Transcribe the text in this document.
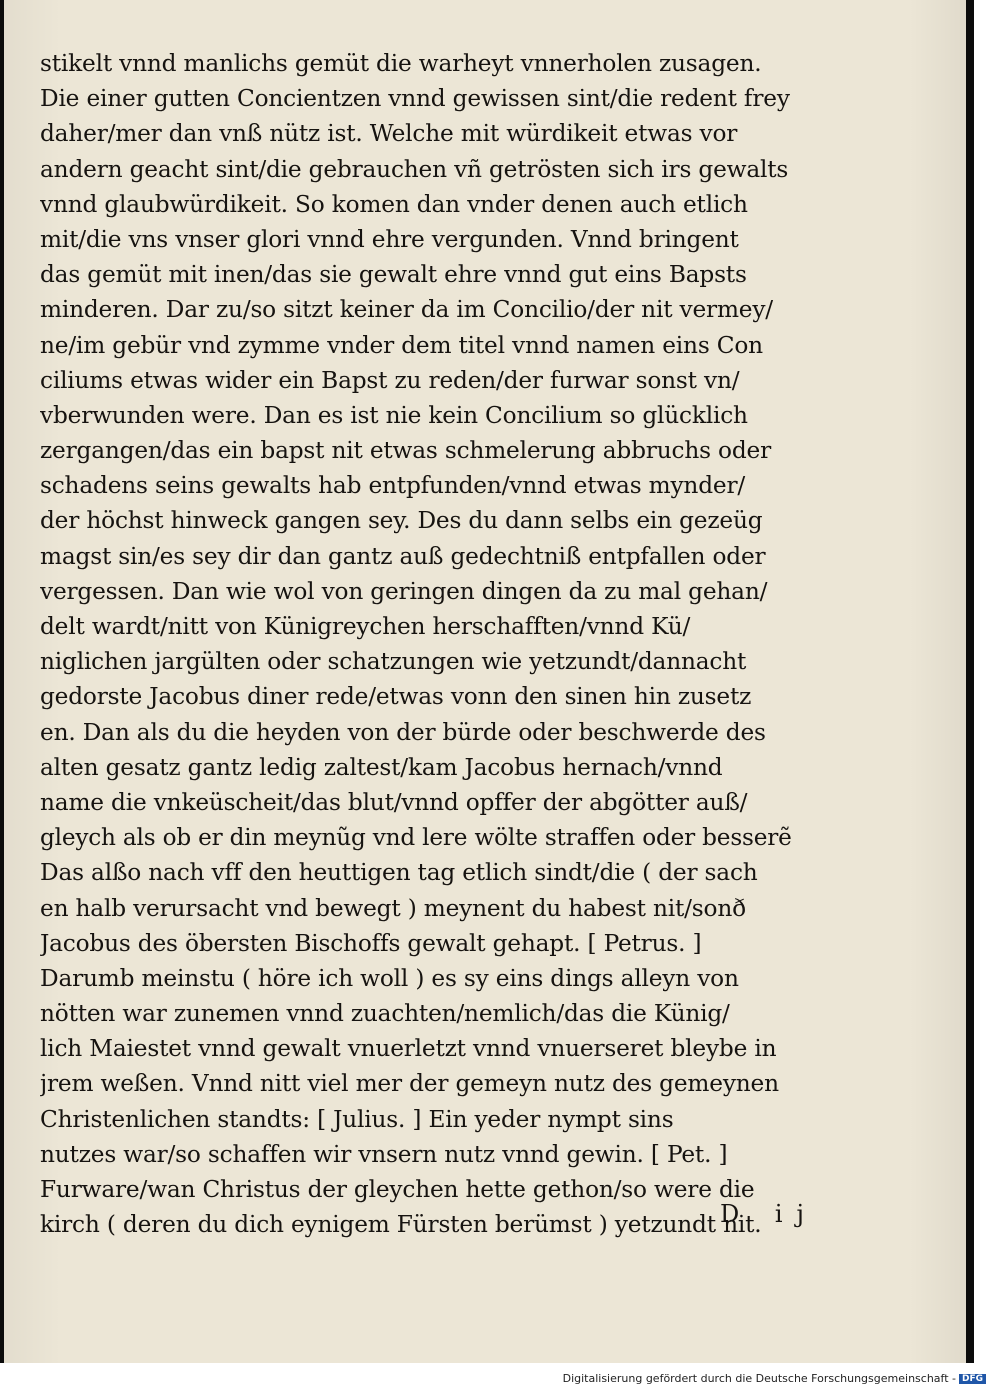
stikelt vnnd manlichs gemüt die warheyt vnnerholen zusagen.
Die einer gutten Concientzen vnnd gewissen sint/die redent frey
daher/mer dan vnß nütz ist. Welche mit würdikeit etwas vor
andern geacht sint/die gebrauchen vñ getrösten sich irs gewalts
vnnd glaubwürdikeit. So komen dan vnder denen auch etlich
mit/die vns vnser glori vnnd ehre vergunden. Vnnd bringent
das gemüt mit inen/das sie gewalt ehre vnnd gut eins Bapsts
minderen. Dar zu/so sitzt keiner da im Concilio/der nit vermey/
ne/im gebür vnd zymme vnder dem titel vnnd namen eins Con
ciliums etwas wider ein Bapst zu reden/der furwar sonst vn/
vberwunden were. Dan es ist nie kein Concilium so glücklich
zergangen/das ein bapst nit etwas schmelerung abbruchs oder
schadens seins gewalts hab entpfunden/vnnd etwas mynder/
der höchst hinweck gangen sey. Des du dann selbs ein gezeüg
magst sin/es sey dir dan gantz auß gedechtniß entpfallen oder
vergessen. Dan wie wol von geringen dingen da zu mal gehan/
delt wardt/nitt von Künigreychen herschafften/vnnd Kü/
niglichen jargülten oder schatzungen wie yetzundt/dannacht
gedorste Jacobus diner rede/etwas vonn den sinen hin zusetz
en. Dan als du die heyden von der bürde oder beschwerde des
alten gesatz gantz ledig zaltest/kam Jacobus hernach/vnnd
name die vnkeüscheit/das blut/vnnd opffer der abgötter auß/
gleych als ob er din meynũg vnd lere wölte straffen oder besserẽ
Das alßo nach vff den heuttigen tag etlich sindt/die ( der sach
en halb verursacht vnd bewegt ) meynent du habest nit/sonð
Jacobus des öbersten Bischoffs gewalt gehapt. [ Petrus. ]
Darumb meinstu ( höre ich woll ) es sy eins dings alleyn von
nötten war zunemen vnnd zuachten/nemlich/das die Künig/
lich Maiestet vnnd gewalt vnuerletzt vnnd vnuerseret bleybe in
jrem weßen. Vnnd nitt viel mer der gemeyn nutz des gemeynen
Christenlichen standts: [ Julius. ] Ein yeder nympt sins
nutzes war/so schaffen wir vnsern nutz vnnd gewin. [ Pet. ]
Furware/wan Christus der gleychen hette gethon/so were die
kirch ( deren du dich eynigem Fürsten berümst ) yetzundt nit.
D ij
Digitalisierung gefördert durch die Deutsche Forschungsgemeinschaft - DFG
